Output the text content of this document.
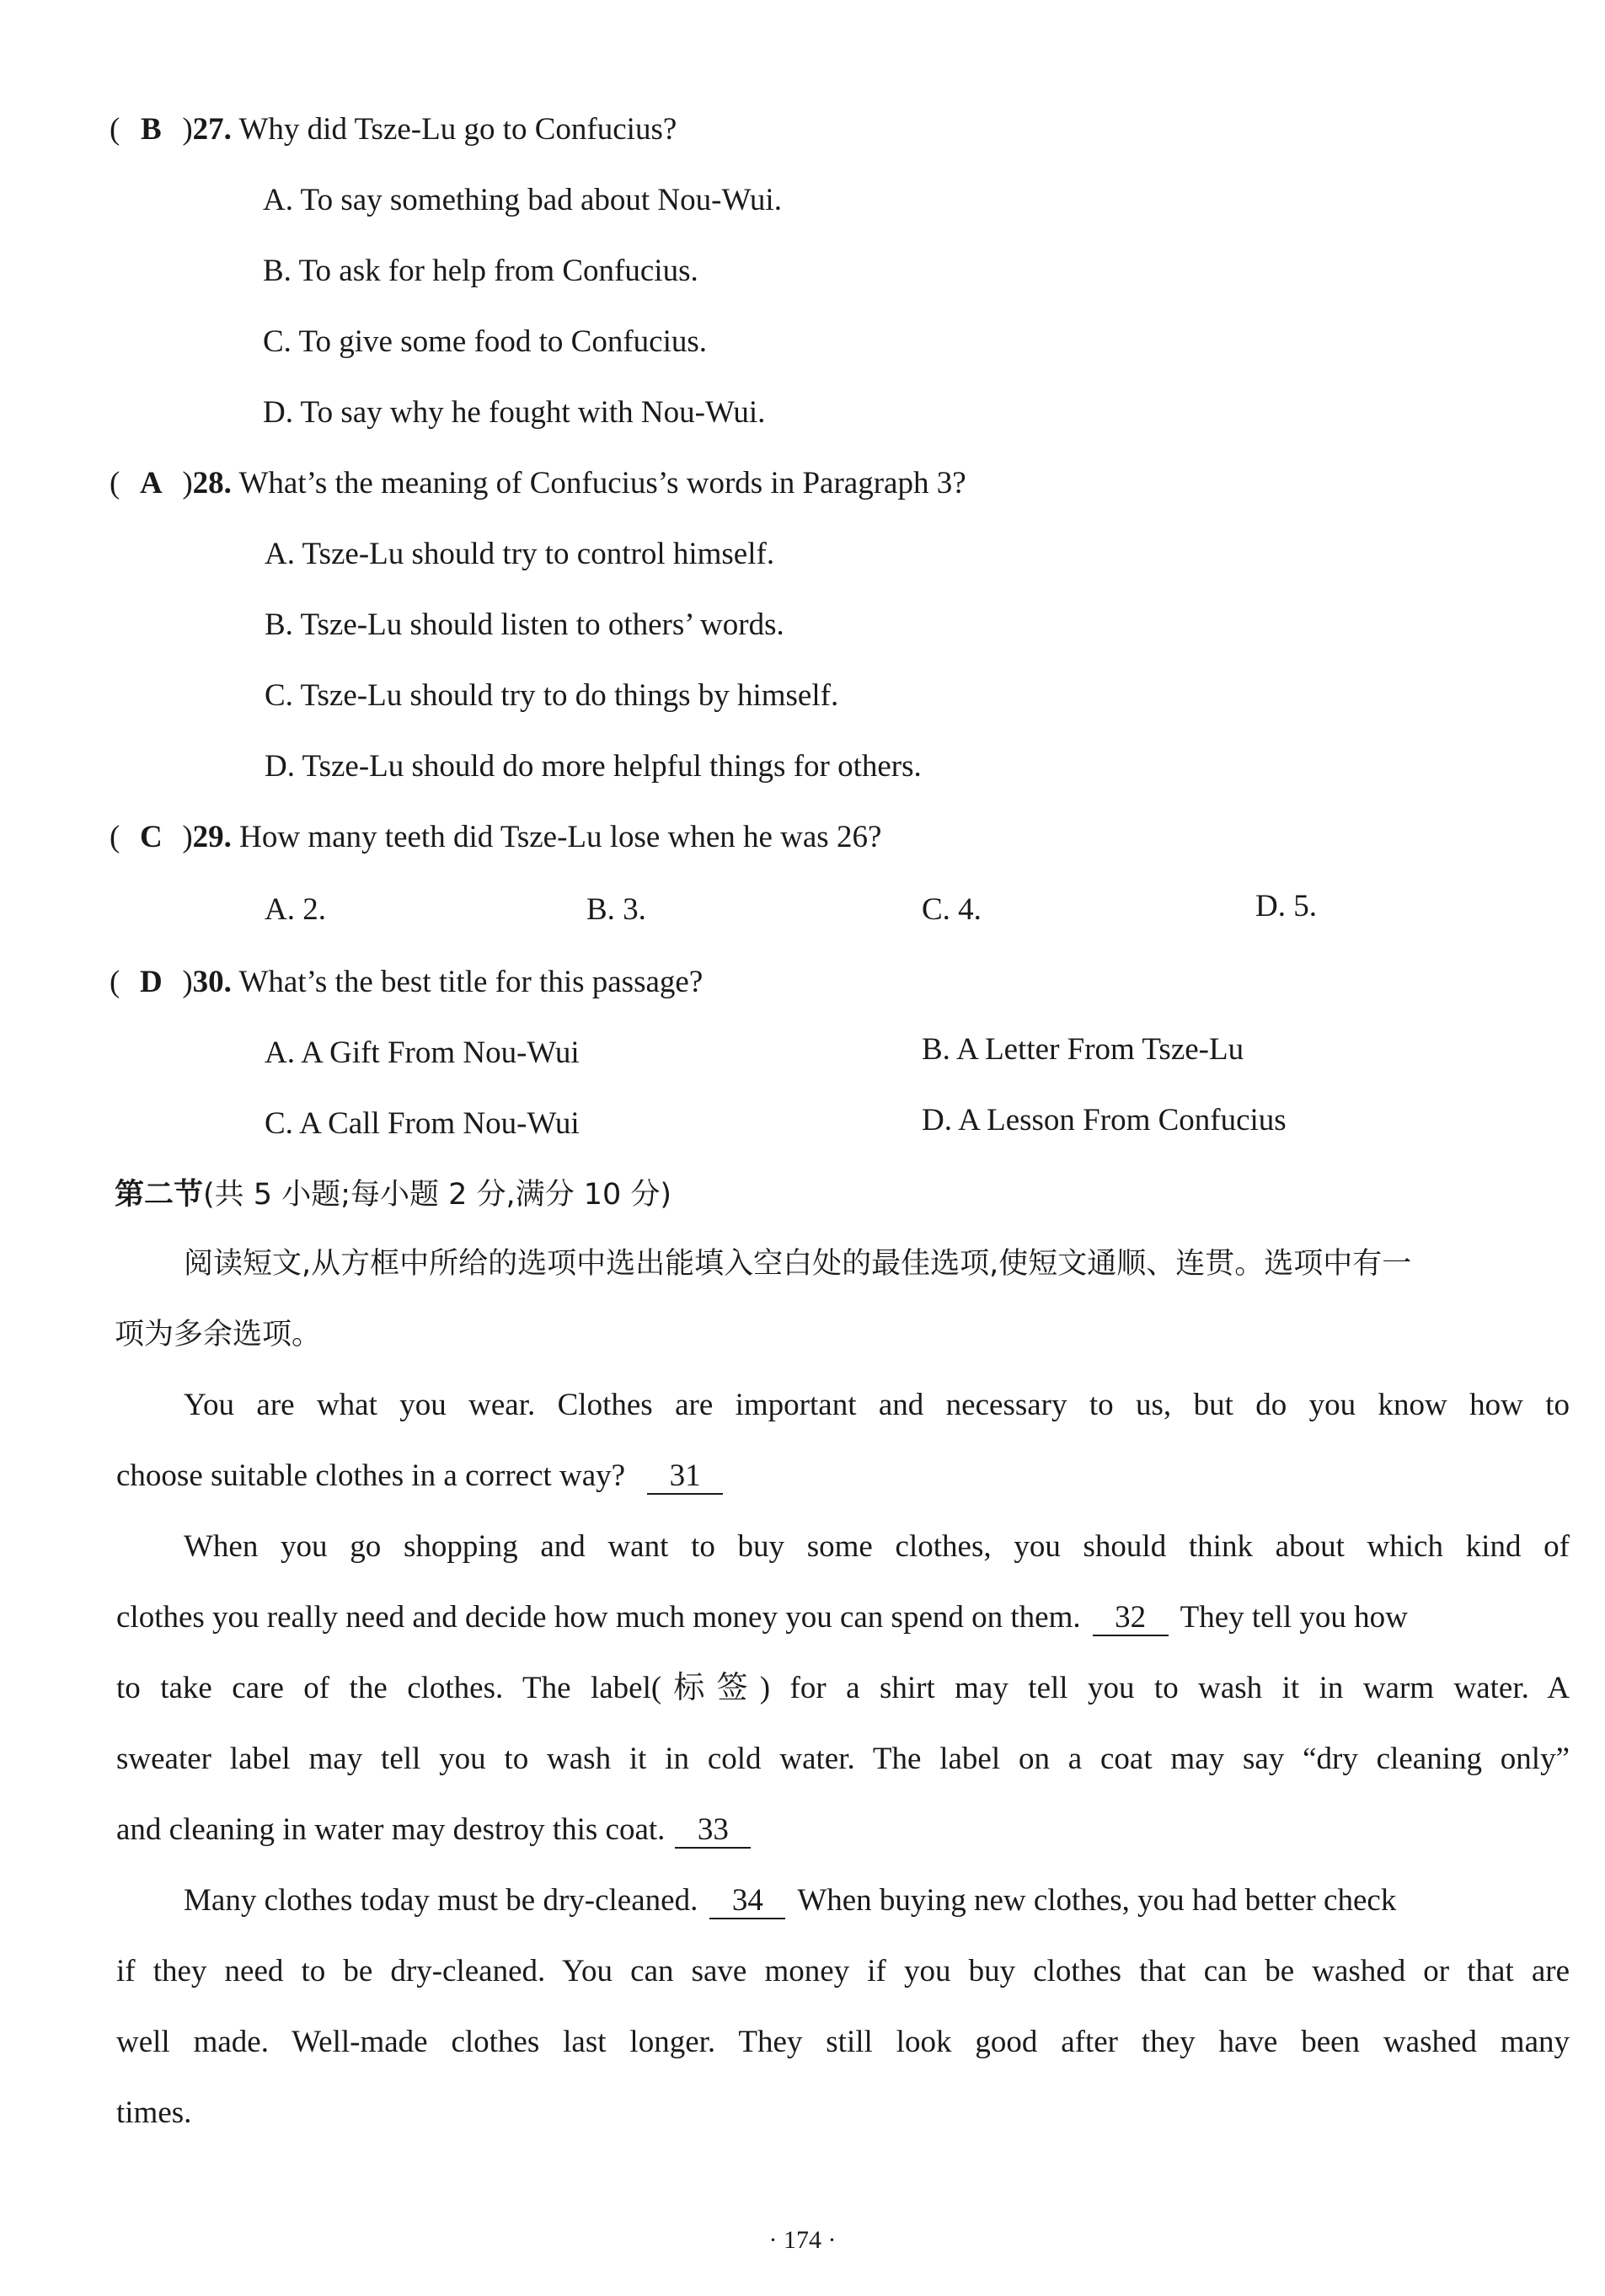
( B )27. Why did Tsze-Lu go to Confucius?
A. To say something bad about Nou-Wui.
B. To ask for help from Confucius.
C. To give some food to Confucius.
D. To say why he fought with Nou-Wui.
( A )28. What’s the meaning of Confucius’s words in Paragraph 3?
A. Tsze-Lu should try to control himself.
B. Tsze-Lu should listen to others’ words.
C. Tsze-Lu should try to do things by himself.
D. Tsze-Lu should do more helpful things for others.
( C )29. How many teeth did Tsze-Lu lose when he was 26?
A. 2.	B. 3.	C. 4.	D. 5.
( D )30. What’s the best title for this passage?
A. A Gift From Nou-Wui	B. A Letter From Tsze-Lu
C. A Call From Nou-Wui	D. A Lesson From Confucius
第二节(共 5 小题;每小题 2 分,满分 10 分)
阅读短文,从方框中所给的选项中选出能填入空白处的最佳选项,使短文通顺、连贯。选项中有一
项为多余选项。
You are what you wear. Clothes are important and necessary to us, but do you know how to
choose suitable clothes in a correct way? 31
When you go shopping and want to buy some clothes, you should think about which kind of
clothes you really need and decide how much money you can spend on them. 32 They tell you how
to take care of the clothes. The label(标签) for a shirt may tell you to wash it in warm water. A
sweater label may tell you to wash it in cold water. The label on a coat may say “dry cleaning only”
and cleaning in water may destroy this coat. 33
Many clothes today must be dry-cleaned. 34 When buying new clothes, you had better check
if they need to be dry-cleaned. You can save money if you buy clothes that can be washed or that are
well made. Well-made clothes last longer. They still look good after they have been washed many
times.
· 174 ·
